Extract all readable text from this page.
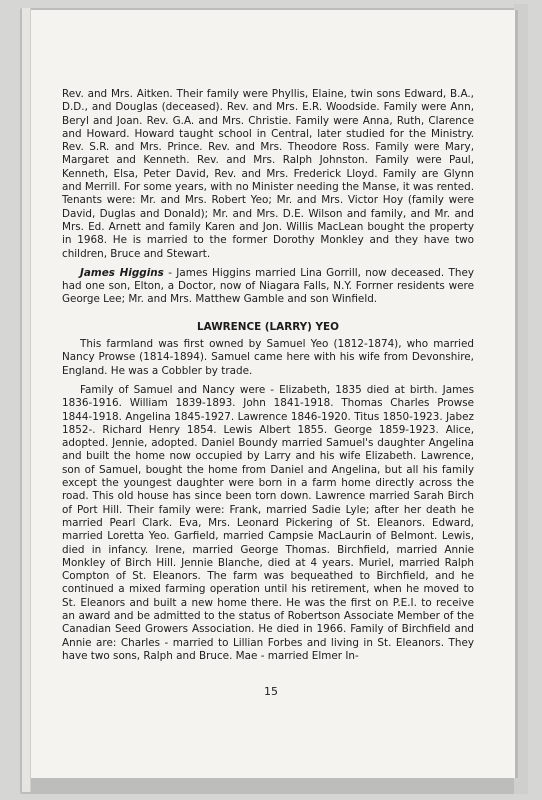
Rev. and Mrs. Aitken. Their family were Phyllis, Elaine, twin sons Edward, B.A., D.D., and Douglas (deceased). Rev. and Mrs. E.R. Woodside. Family were Ann, Beryl and Joan. Rev. G.A. and Mrs. Christie. Family were Anna, Ruth, Clarence and Howard. Howard taught school in Central, later studied for the Ministry. Rev. S.R. and Mrs. Prince. Rev. and Mrs. Theodore Ross. Family were Mary, Margaret and Kenneth. Rev. and Mrs. Ralph Johnston. Family were Paul, Kenneth, Elsa, Peter David, Rev. and Mrs. Frederick Lloyd. Family are Glynn and Merrill. For some years, with no Minister needing the Manse, it was rented. Tenants were: Mr. and Mrs. Robert Yeo; Mr. and Mrs. Victor Hoy (family were David, Duglas and Donald); Mr. and Mrs. D.E. Wilson and family, and Mr. and Mrs. Ed. Arnett and family Karen and Jon. Willis MacLean bought the property in 1968. He is married to the former Dorothy Monkley and they have two children, Bruce and Stewart.

James Higgins - James Higgins married Lina Gorrill, now deceased. They had one son, Elton, a Doctor, now of Niagara Falls, N.Y. Forrner residents were George Lee; Mr. and Mrs. Matthew Gamble and son Winfield.

LAWRENCE (LARRY) YEO

This farmland was first owned by Samuel Yeo (1812-1874), who married Nancy Prowse (1814-1894). Samuel came here with his wife from Devonshire, England. He was a Cobbler by trade.

Family of Samuel and Nancy were - Elizabeth, 1835 died at birth. James 1836-1916. William 1839-1893. John 1841-1918. Thomas Charles Prowse 1844-1918. Angelina 1845-1927. Lawrence 1846-1920. Titus 1850-1923. Jabez 1852-. Richard Henry 1854. Lewis Albert 1855. George 1859-1923. Alice, adopted. Jennie, adopted. Daniel Boundy married Samuel's daughter Angelina and built the home now occupied by Larry and his wife Elizabeth. Lawrence, son of Samuel, bought the home from Daniel and Angelina, but all his family except the youngest daughter were born in a farm home directly across the road. This old house has since been torn down. Lawrence married Sarah Birch of Port Hill. Their family were: Frank, married Sadie Lyle; after her death he married Pearl Clark. Eva, Mrs. Leonard Pickering of St. Eleanors. Edward, married Loretta Yeo. Garfield, married Campsie MacLaurin of Belmont. Lewis, died in infancy. Irene, married George Thomas. Birchfield, married Annie Monkley of Birch Hill. Jennie Blanche, died at 4 years. Muriel, married Ralph Compton of St. Eleanors. The farm was bequeathed to Birchfield, and he continued a mixed farming operation until his retirement, when he moved to St. Eleanors and built a new home there. He was the first on P.E.I. to receive an award and be admitted to the status of Robertson Associate Member of the Canadian Seed Growers Association. He died in 1966. Family of Birchfield and Annie are: Charles - married to Lillian Forbes and living in St. Eleanors. They have two sons, Ralph and Bruce. Mae - married Elmer In-

15
